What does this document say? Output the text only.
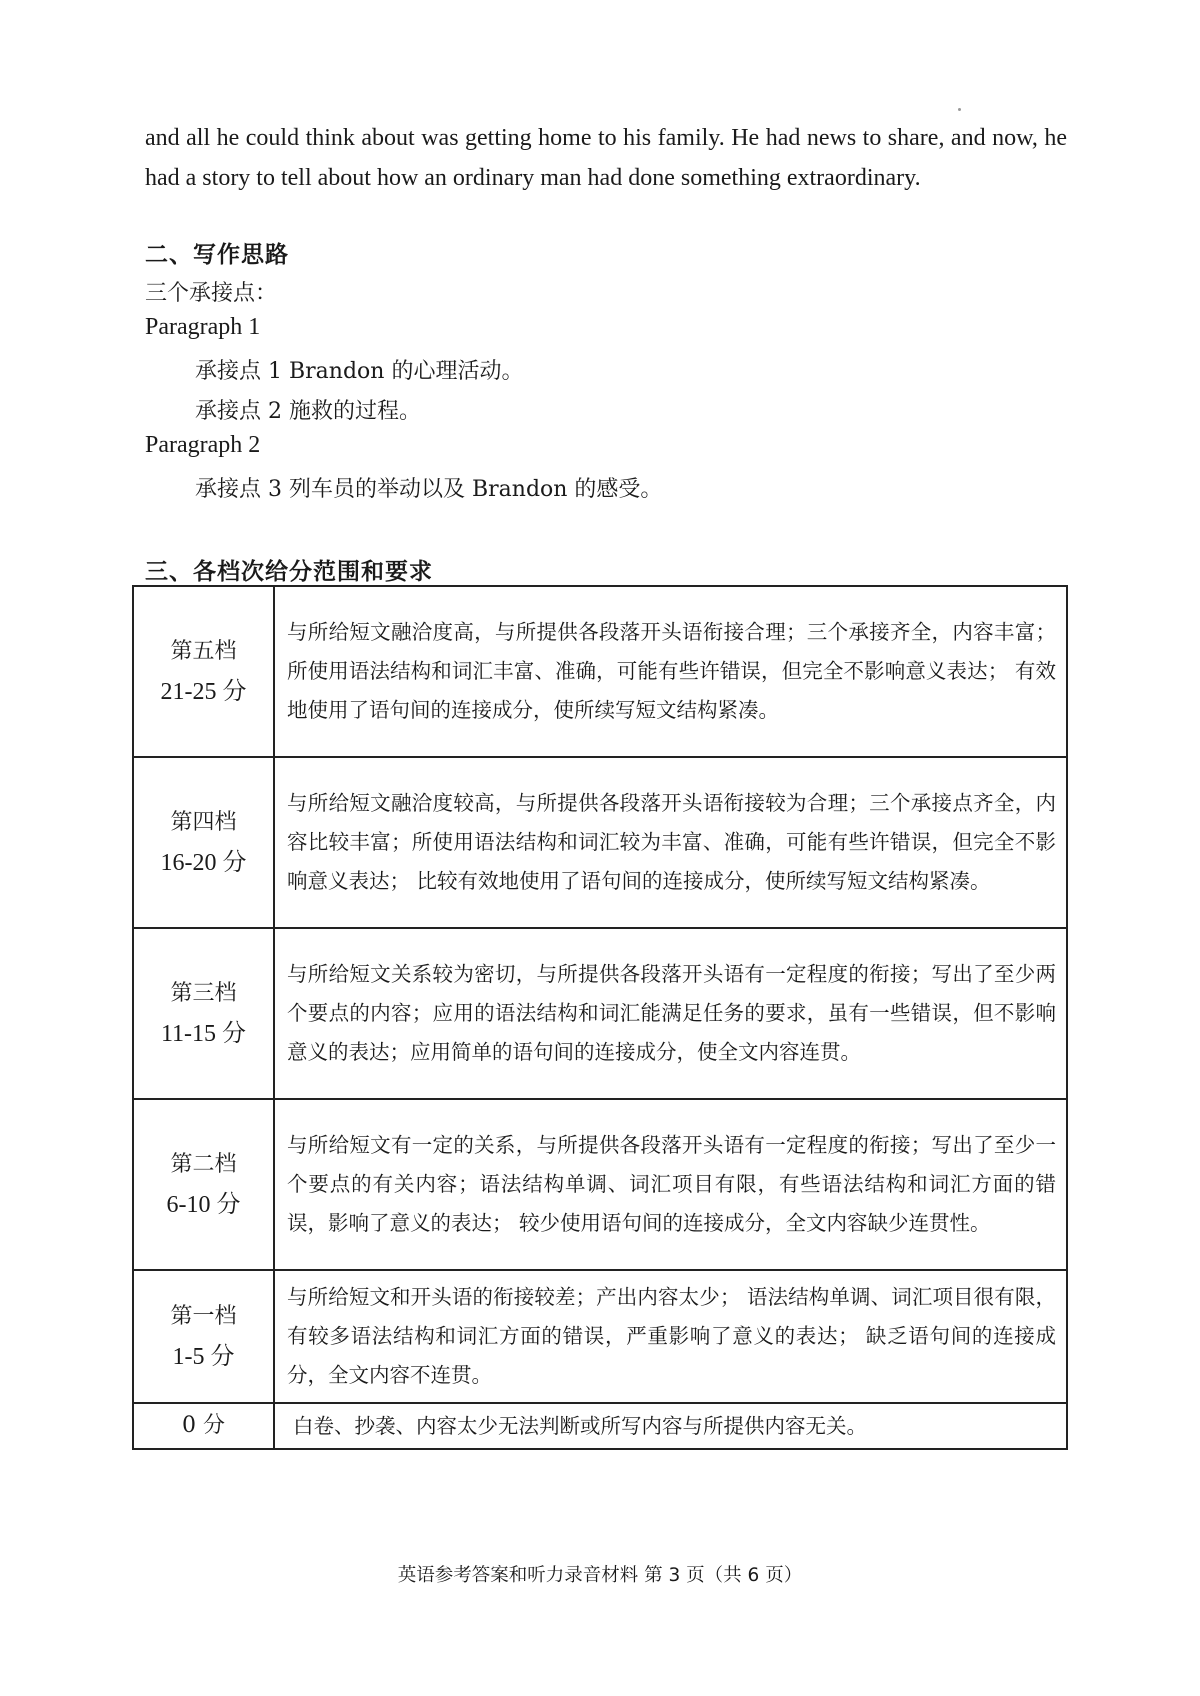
and all he could think about was getting home to his family. He had news to share, and now, he had a story to tell about how an ordinary man had done something extraordinary.

二、写作思路
三个承接点：
Paragraph 1
承接点 1 Brandon 的心理活动。
承接点 2 施救的过程。
Paragraph 2
承接点 3 列车员的举动以及 Brandon 的感受。
三、各档次给分范围和要求
第五档
21-25 分	与所给短文融洽度高，与所提供各段落开头语衔接合理；三个承接齐全，内容丰富；所使用语法结构和词汇丰富、准确，可能有些许错误，但完全不影响意义表达； 有效地使用了语句间的连接成分，使所续写短文结构紧凑。

第四档
16-20 分	与所给短文融洽度较高，与所提供各段落开头语衔接较为合理；三个承接点齐全，内容比较丰富；所使用语法结构和词汇较为丰富、准确，可能有些许错误，但完全不影响意义表达； 比较有效地使用了语句间的连接成分，使所续写短文结构紧凑。

第三档
11-15 分	与所给短文关系较为密切，与所提供各段落开头语有一定程度的衔接；写出了至少两个要点的内容；应用的语法结构和词汇能满足任务的要求，虽有一些错误，但不影响意义的表达；应用简单的语句间的连接成分，使全文内容连贯。

第二档
6-10 分	与所给短文有一定的关系，与所提供各段落开头语有一定程度的衔接；写出了至少一个要点的有关内容；语法结构单调、词汇项目有限，有些语法结构和词汇方面的错误，影响了意义的表达； 较少使用语句间的连接成分，全文内容缺少连贯性。

第一档
1-5 分	与所给短文和开头语的衔接较差；产出内容太少； 语法结构单调、词汇项目很有限，有较多语法结构和词汇方面的错误，严重影响了意义的表达； 缺乏语句间的连接成分，全文内容不连贯。

0 分	白卷、抄袭、内容太少无法判断或所写内容与所提供内容无关。
英语参考答案和听力录音材料 第 3 页（共 6 页）
